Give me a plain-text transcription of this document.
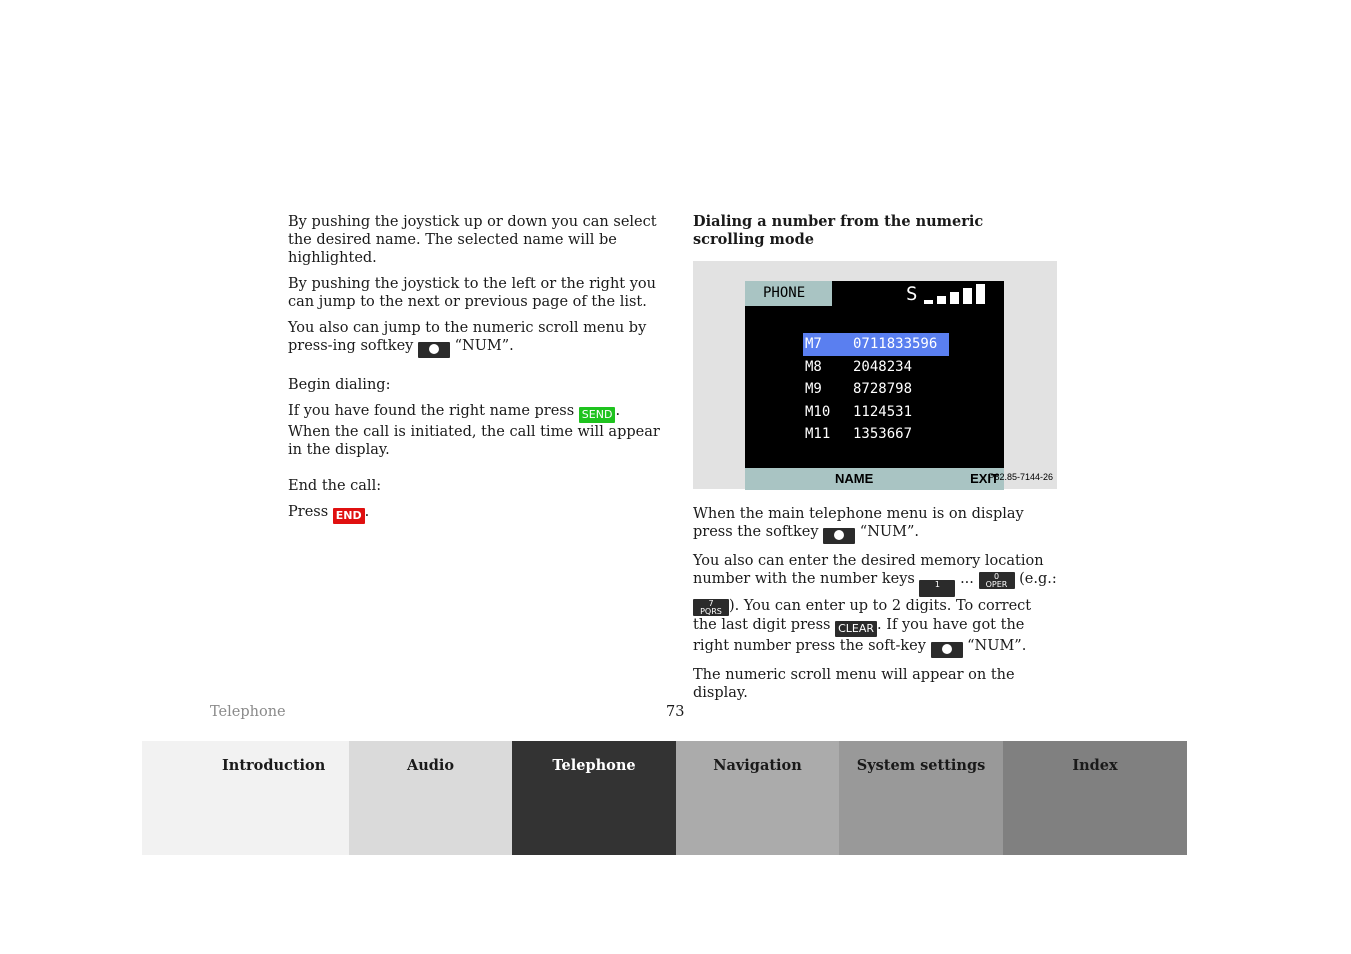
By pushing the joystick up or down you can select the desired name. The selected name will be highlighted.

By pushing the joystick to the left or the right you can jump to the next or previous page of the list.

You also can jump to the numeric scroll menu by press-ing softkey	“NUM”.

Begin dialing:

If you have found the right name press SEND . When the call is initiated, the call time will appear in the display.

End the call:

Press END .

Dialing a number from the numeric scrolling mode
PHONE	S
M7 0711833596
M8 2048234
M9 8728798
M10 1124531
M11 1353667
NAME	EXIT
P82.85-7144-26

When the main telephone menu is on display press the softkey	“NUM”.

You also can enter the desired memory location number with the number keys	1	...	0
OPER (e.g.:
7
PQRS ). You can enter up to 2 digits. To correct the last digit press CLEAR . If you have got the right number press the soft-key	“NUM”.

The numeric scroll menu will appear on the display.

Telephone	73
Introduction	Audio	Telephone	Navigation	System settings	Index
